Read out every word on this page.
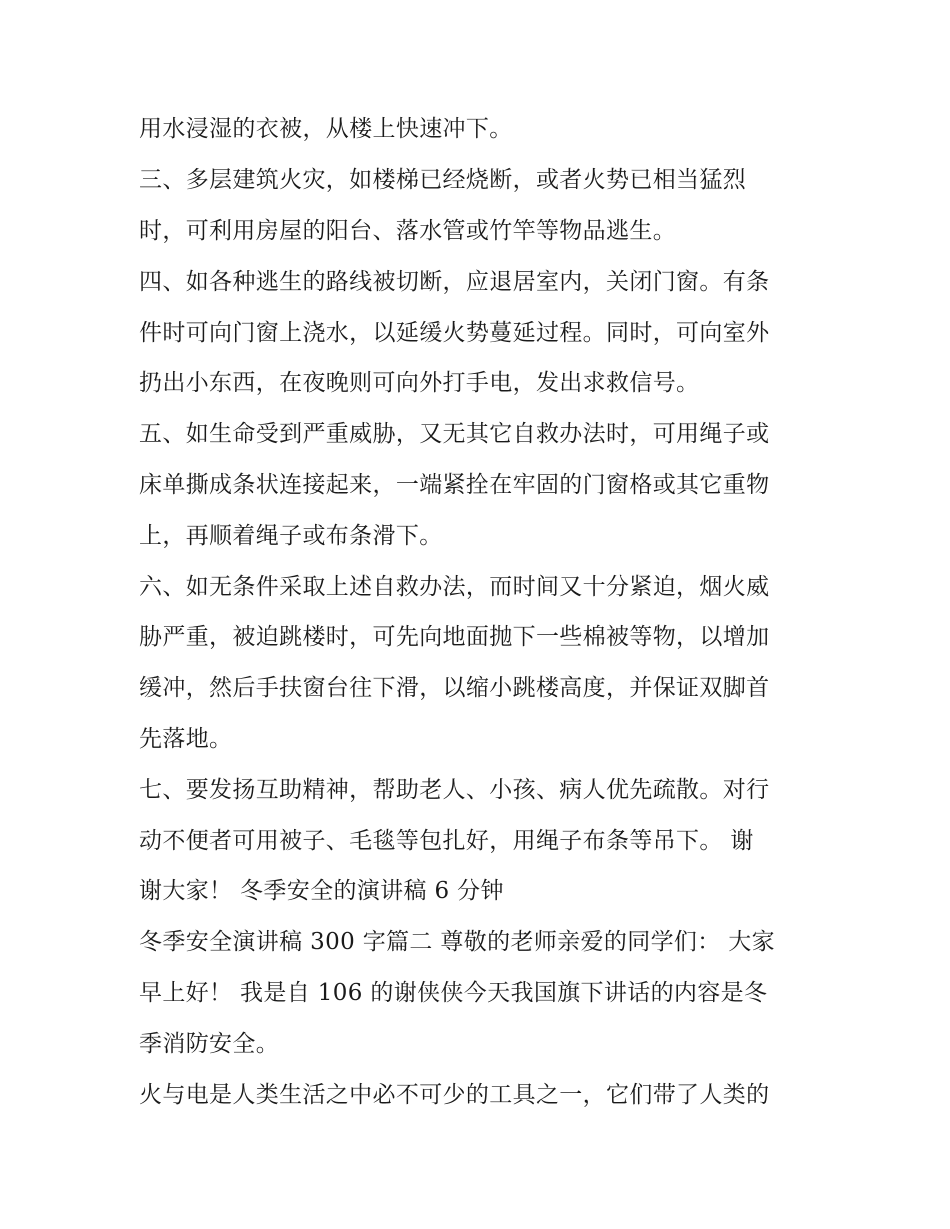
用水浸湿的衣被，从楼上快速冲下。
三、多层建筑火灾，如楼梯已经烧断，或者火势已相当猛烈
时，可利用房屋的阳台、落水管或竹竿等物品逃生。
四、如各种逃生的路线被切断，应退居室内，关闭门窗。有条
件时可向门窗上浇水，以延缓火势蔓延过程。同时，可向室外
扔出小东西，在夜晚则可向外打手电，发出求救信号。
五、如生命受到严重威胁，又无其它自救办法时，可用绳子或
床单撕成条状连接起来，一端紧拴在牢固的门窗格或其它重物
上，再顺着绳子或布条滑下。
六、如无条件采取上述自救办法，而时间又十分紧迫，烟火威
胁严重，被迫跳楼时，可先向地面抛下一些棉被等物，以增加
缓冲，然后手扶窗台往下滑，以缩小跳楼高度，并保证双脚首
先落地。
七、要发扬互助精神，帮助老人、小孩、病人优先疏散。对行
动不便者可用被子、毛毯等包扎好，用绳子布条等吊下。 谢
谢大家！ 冬季安全的演讲稿 6 分钟
冬季安全演讲稿 300 字篇二 尊敬的老师亲爱的同学们： 大家
早上好！ 我是自 106 的谢侠侠今天我国旗下讲话的内容是冬
季消防安全。
火与电是人类生活之中必不可少的工具之一，它们带了人类的
